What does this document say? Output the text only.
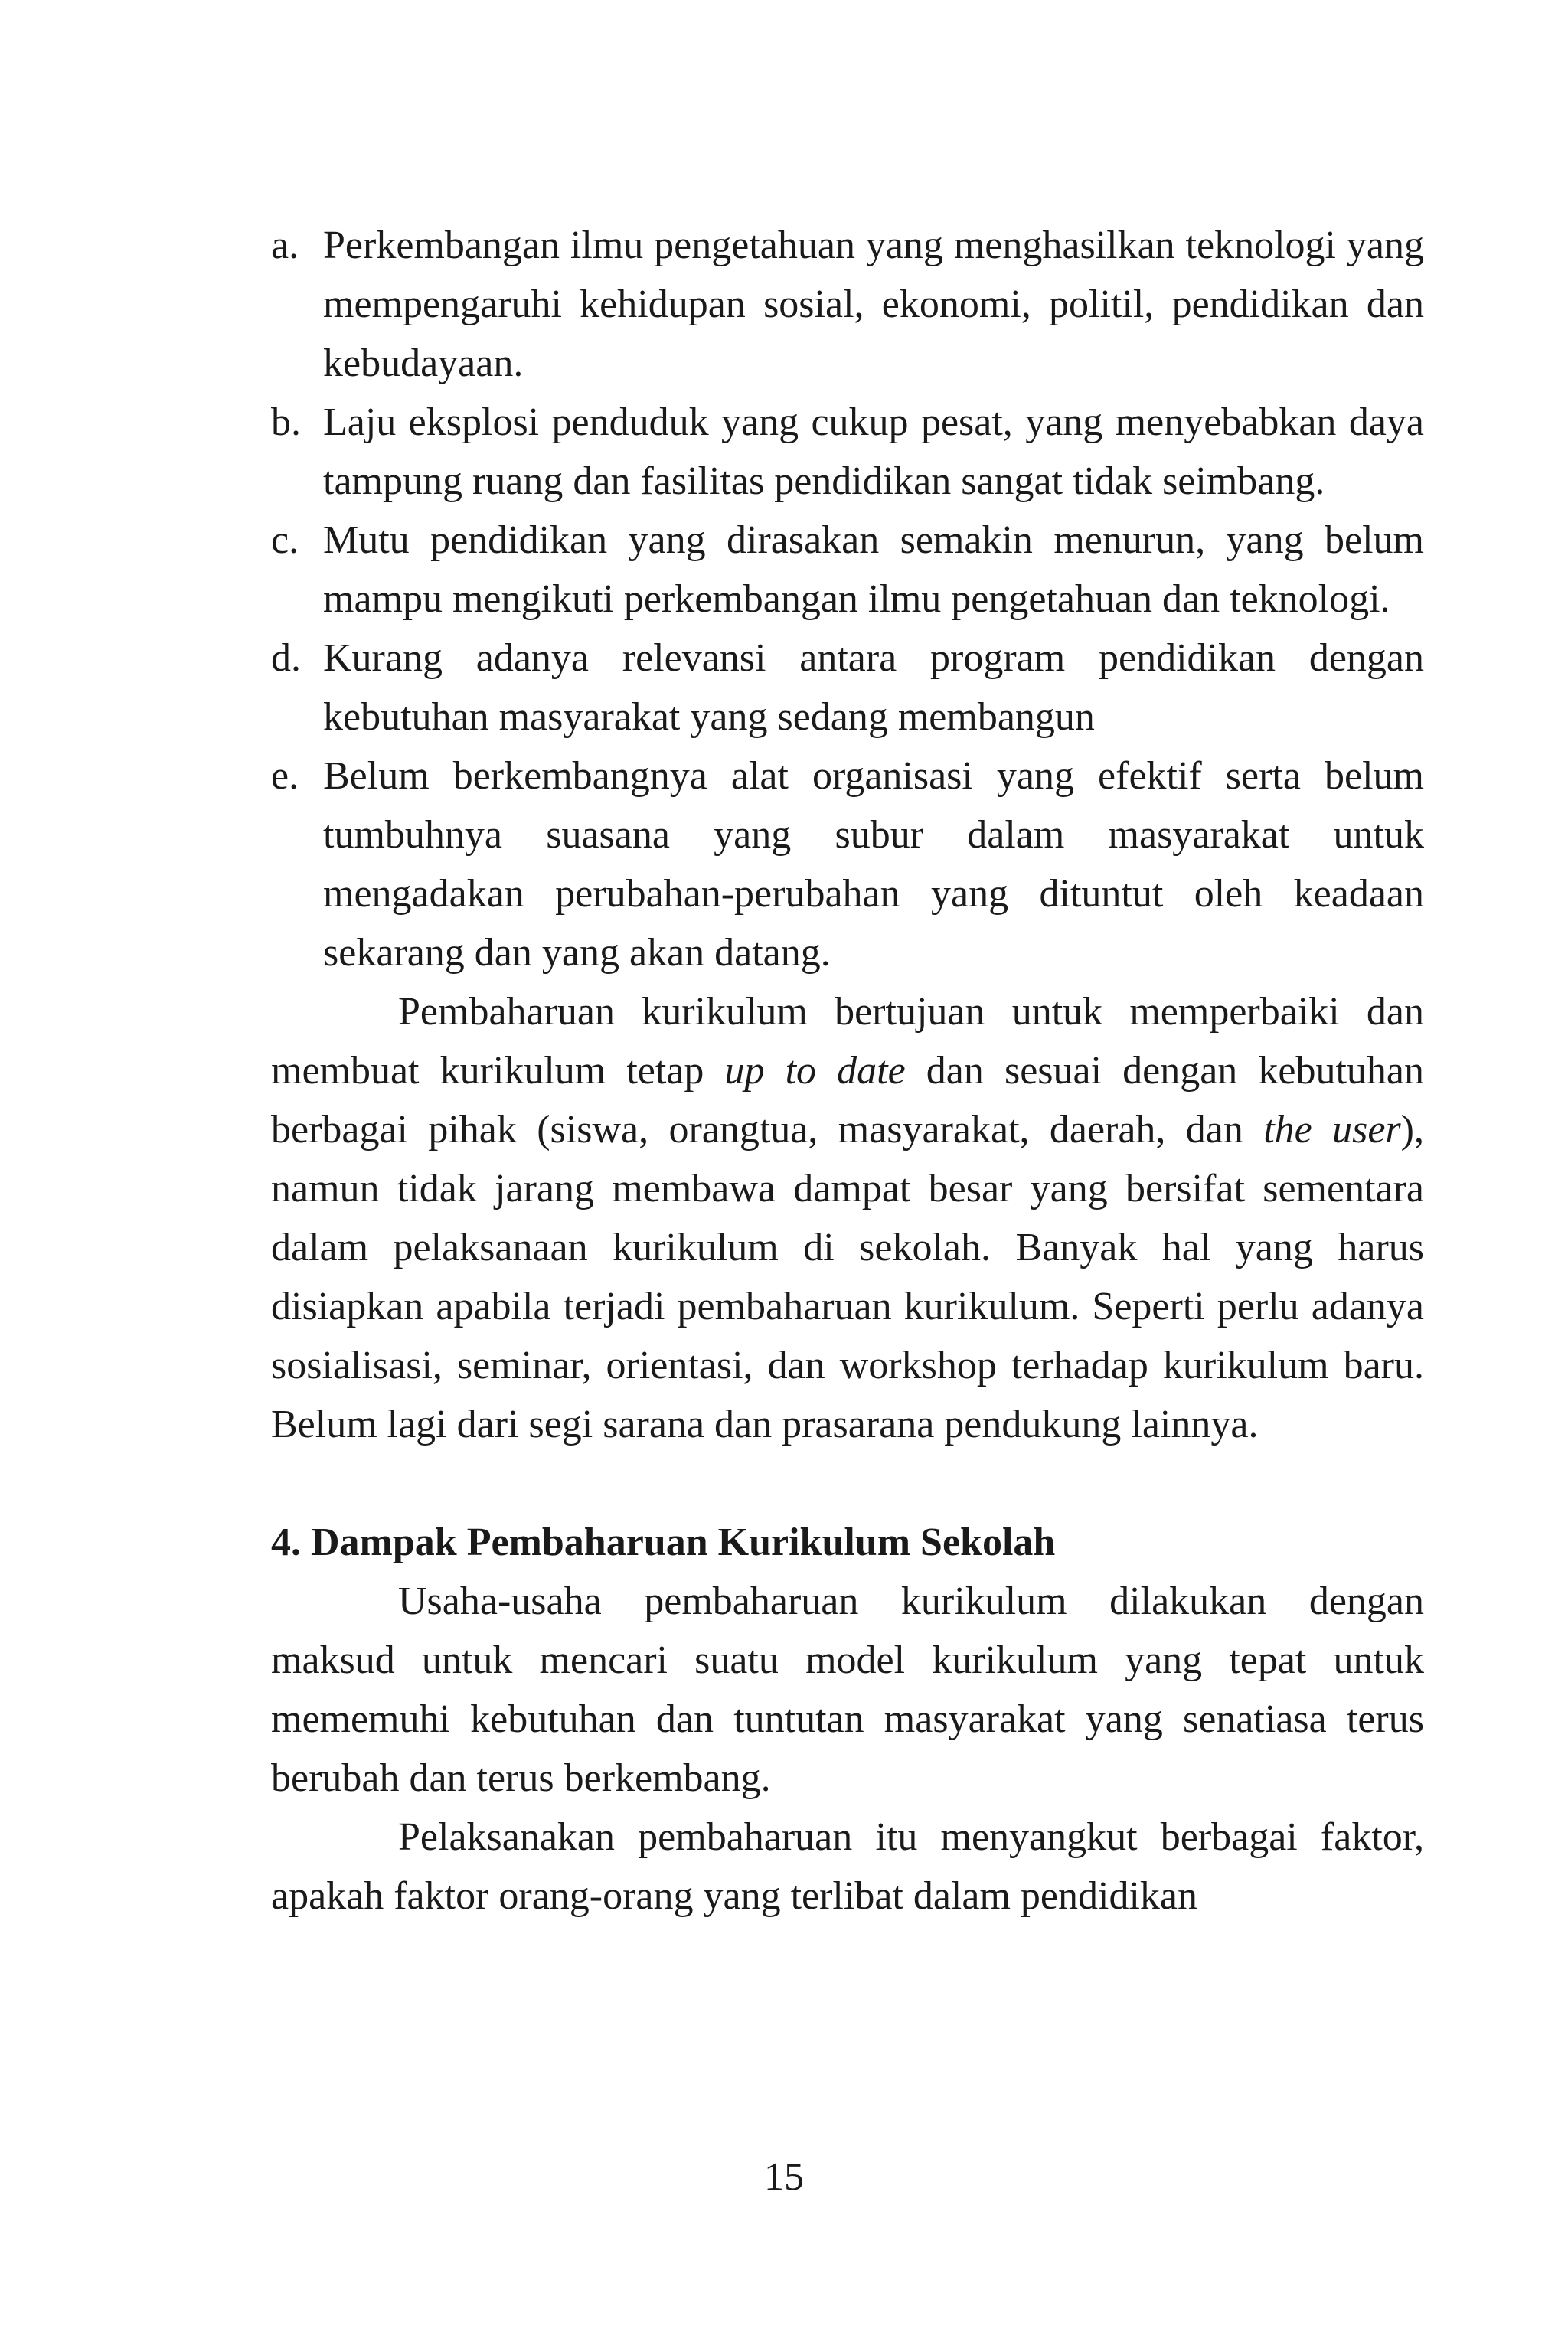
a. Perkembangan ilmu pengetahuan yang menghasilkan teknologi yang mempengaruhi kehidupan sosial, ekonomi, politil, pendidikan dan kebudayaan.
b. Laju eksplosi penduduk yang cukup pesat, yang menyebabkan daya tampung ruang dan fasilitas pendidikan sangat tidak seimbang.
c. Mutu pendidikan yang dirasakan semakin menurun, yang belum mampu mengikuti perkembangan ilmu pengetahuan dan teknologi.
d. Kurang adanya relevansi antara program pendidikan dengan kebutuhan masyarakat yang sedang membangun
e. Belum berkembangnya alat organisasi yang efektif serta belum tumbuhnya suasana yang subur dalam masyarakat untuk mengadakan perubahan-perubahan yang dituntut oleh keadaan sekarang dan yang akan datang.

Pembaharuan kurikulum bertujuan untuk memperbaiki dan membuat kurikulum tetap up to date dan sesuai dengan kebutuhan berbagai pihak (siswa, orangtua, masyarakat, daerah, dan the user), namun tidak jarang membawa dampat besar yang bersifat sementara dalam pelaksanaan kurikulum di sekolah. Banyak hal yang harus disiapkan apabila terjadi pembaharuan kurikulum. Seperti perlu adanya sosialisasi, seminar, orientasi, dan workshop terhadap kurikulum baru. Belum lagi dari segi sarana dan prasarana pendukung lainnya.

4. Dampak Pembaharuan Kurikulum Sekolah

Usaha-usaha pembaharuan kurikulum dilakukan dengan maksud untuk mencari suatu model kurikulum yang tepat untuk mememuhi kebutuhan dan tuntutan masyarakat yang senatiasa terus berubah dan terus berkembang.

Pelaksanakan pembaharuan itu menyangkut berbagai faktor, apakah faktor orang-orang yang terlibat dalam pendidikan

15
